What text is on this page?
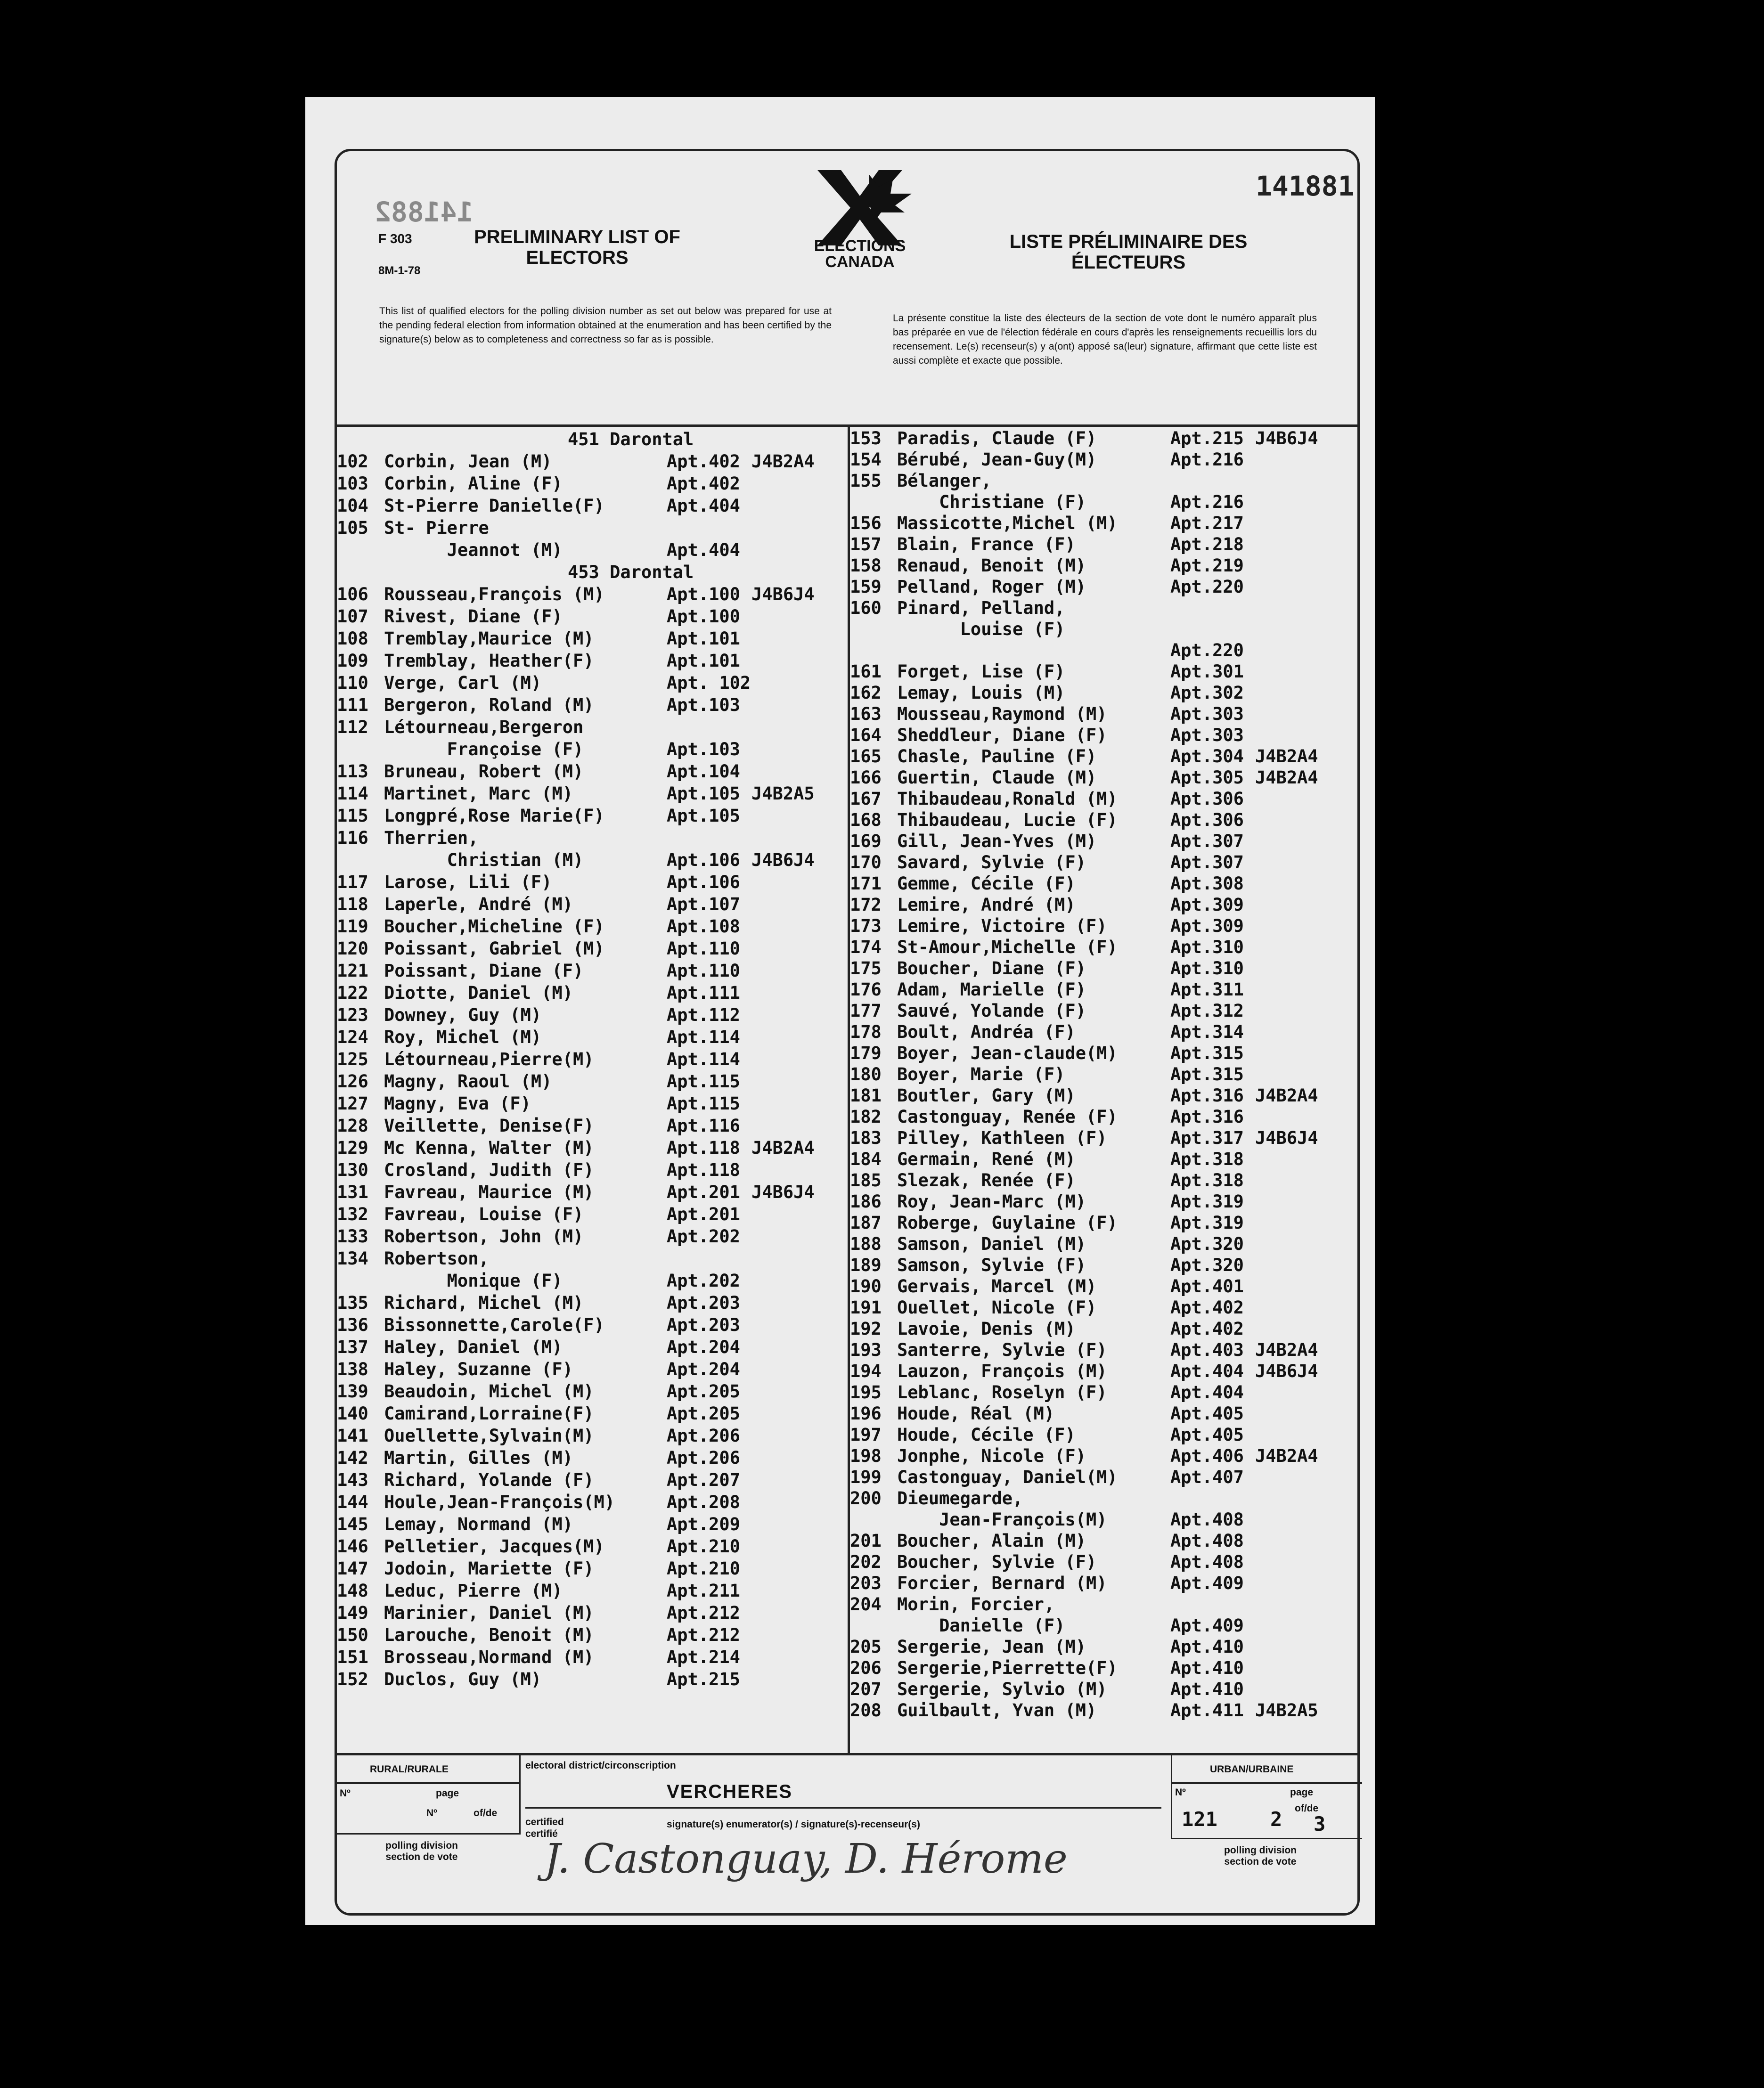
141881
141882
F 303
8M-1-78
PRELIMINARY LIST OF
ELECTORS
ELECTIONS
CANADA
LISTE PRÉLIMINAIRE DES
ÉLECTEURS
This list of qualified electors for the polling division number as set out below was prepared for use at the pending federal election from information obtained at the enumeration and has been certified by the signature(s) below as to completeness and correctness so far as is possible.
La présente constitue la liste des électeurs de la section de vote dont le numéro apparaît plus bas préparée en vue de l'élection fédérale en cours d'après les renseignements recueillis lors du recensement. Le(s) recenseur(s) y a(ont) apposé sa(leur) signature, affirmant que cette liste est aussi complète et exacte que possible.
451 Darontal
102 Corbin, Jean (M)	Apt.402 J4B2A4
103 Corbin, Aline (F)	Apt.402
104 St-Pierre Danielle(F)	Apt.404
105 St- Pierre
Jeannot (M)	Apt.404
453 Darontal
106 Rousseau,François (M)	Apt.100 J4B6J4
107 Rivest, Diane (F)	Apt.100
108 Tremblay,Maurice (M)	Apt.101
109 Tremblay, Heather(F)	Apt.101
110 Verge, Carl (M)	Apt. 102
111 Bergeron, Roland (M)	Apt.103
112 Létourneau,Bergeron
Françoise (F)	Apt.103
113 Bruneau, Robert (M)	Apt.104
114 Martinet, Marc (M)	Apt.105 J4B2A5
115 Longpré,Rose Marie(F)	Apt.105
116 Therrien,
Christian (M)	Apt.106 J4B6J4
117 Larose, Lili (F)	Apt.106
118 Laperle, André (M)	Apt.107
119 Boucher,Micheline (F)	Apt.108
120 Poissant, Gabriel (M)	Apt.110
121 Poissant, Diane (F)	Apt.110
122 Diotte, Daniel (M)	Apt.111
123 Downey, Guy (M)	Apt.112
124 Roy, Michel (M)	Apt.114
125 Létourneau,Pierre(M)	Apt.114
126 Magny, Raoul (M)	Apt.115
127 Magny, Eva (F)	Apt.115
128 Veillette, Denise(F)	Apt.116
129 Mc Kenna, Walter (M)	Apt.118 J4B2A4
130 Crosland, Judith (F)	Apt.118
131 Favreau, Maurice (M)	Apt.201 J4B6J4
132 Favreau, Louise (F)	Apt.201
133 Robertson, John (M)	Apt.202
134 Robertson,
Monique (F)	Apt.202
135 Richard, Michel (M)	Apt.203
136 Bissonnette,Carole(F)	Apt.203
137 Haley, Daniel (M)	Apt.204
138 Haley, Suzanne (F)	Apt.204
139 Beaudoin, Michel (M)	Apt.205
140 Camirand,Lorraine(F)	Apt.205
141 Ouellette,Sylvain(M)	Apt.206
142 Martin, Gilles (M)	Apt.206
143 Richard, Yolande (F)	Apt.207
144 Houle,Jean-François(M)	Apt.208
145 Lemay, Normand (M)	Apt.209
146 Pelletier, Jacques(M)	Apt.210
147 Jodoin, Mariette (F)	Apt.210
148 Leduc, Pierre (M)	Apt.211
149 Marinier, Daniel (M)	Apt.212
150 Larouche, Benoit (M)	Apt.212
151 Brosseau,Normand (M)	Apt.214
152 Duclos, Guy (M)	Apt.215
153 Paradis, Claude (F)	Apt.215 J4B6J4
154 Bérubé, Jean-Guy(M)	Apt.216
155 Bélanger,
Christiane (F)	Apt.216
156 Massicotte,Michel (M)	Apt.217
157 Blain, France (F)	Apt.218
158 Renaud, Benoit (M)	Apt.219
159 Pelland, Roger (M)	Apt.220
160 Pinard, Pelland,
Louise (F)
Apt.220
161 Forget, Lise (F)	Apt.301
162 Lemay, Louis (M)	Apt.302
163 Mousseau,Raymond (M)	Apt.303
164 Sheddleur, Diane (F)	Apt.303
165 Chasle, Pauline (F)	Apt.304 J4B2A4
166 Guertin, Claude (M)	Apt.305 J4B2A4
167 Thibaudeau,Ronald (M)	Apt.306
168 Thibaudeau, Lucie (F)	Apt.306
169 Gill, Jean-Yves (M)	Apt.307
170 Savard, Sylvie (F)	Apt.307
171 Gemme, Cécile (F)	Apt.308
172 Lemire, André (M)	Apt.309
173 Lemire, Victoire (F)	Apt.309
174 St-Amour,Michelle (F)	Apt.310
175 Boucher, Diane (F)	Apt.310
176 Adam, Marielle (F)	Apt.311
177 Sauvé, Yolande (F)	Apt.312
178 Boult, Andréa (F)	Apt.314
179 Boyer, Jean-claude(M)	Apt.315
180 Boyer, Marie (F)	Apt.315
181 Boutler, Gary (M)	Apt.316 J4B2A4
182 Castonguay, Renée (F)	Apt.316
183 Pilley, Kathleen (F)	Apt.317 J4B6J4
184 Germain, René (M)	Apt.318
185 Slezak, Renée (F)	Apt.318
186 Roy, Jean-Marc (M)	Apt.319
187 Roberge, Guylaine (F)	Apt.319
188 Samson, Daniel (M)	Apt.320
189 Samson, Sylvie (F)	Apt.320
190 Gervais, Marcel (M)	Apt.401
191 Ouellet, Nicole (F)	Apt.402
192 Lavoie, Denis (M)	Apt.402
193 Santerre, Sylvie (F)	Apt.403 J4B2A4
194 Lauzon, François (M)	Apt.404 J4B6J4
195 Leblanc, Roselyn (F)	Apt.404
196 Houde, Réal (M)	Apt.405
197 Houde, Cécile (F)	Apt.405
198 Jonphe, Nicole (F)	Apt.406 J4B2A4
199 Castonguay, Daniel(M)	Apt.407
200 Dieumegarde,
Jean-François(M)	Apt.408
201 Boucher, Alain (M)	Apt.408
202 Boucher, Sylvie (F)	Apt.408
203 Forcier, Bernard (M)	Apt.409
204 Morin, Forcier,
Danielle (F)	Apt.409
205 Sergerie, Jean (M)	Apt.410
206 Sergerie,Pierrette(F)	Apt.410
207 Sergerie, Sylvio (M)	Apt.410
208 Guilbault, Yvan (M)	Apt.411 J4B2A5
RURAL/RURALE
Nº	page
Nº	of/de
polling division
section de vote
electoral district/circonscription
VERCHERES
certified
certifié
signature(s) enumerator(s) / signature(s)-recenseur(s)
J. Castonguay, D. Hérome
URBAN/URBAINE
Nº	page
121	2 of/de
3
polling division
section de vote
